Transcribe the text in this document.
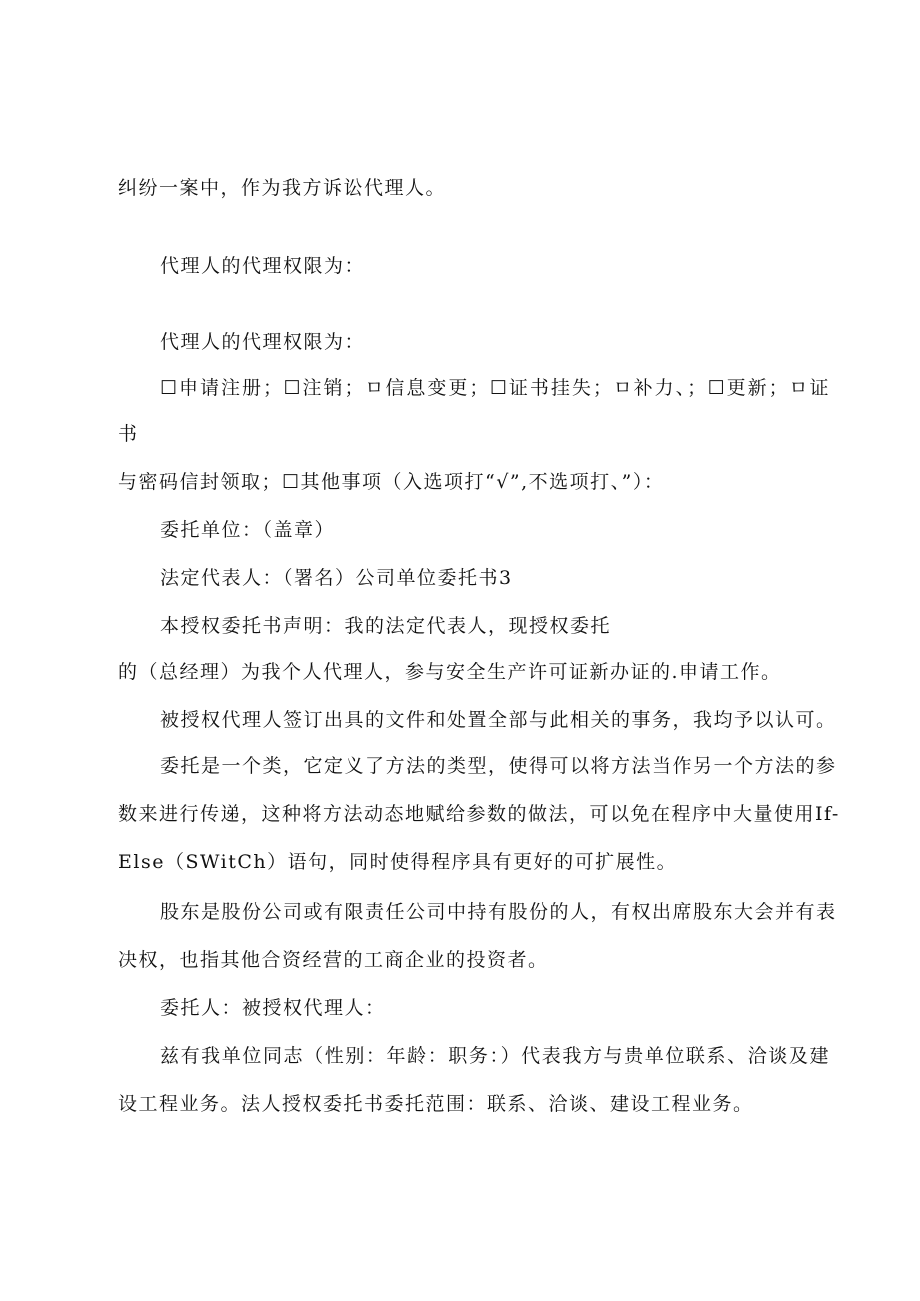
纠纷一案中，作为我方诉讼代理人。
代理人的代理权限为：
代理人的代理权限为：
☐申请注册；☐注销；ㅁ信息变更；☐证书挂失；ㅁ补力、；☐更新；ㅁ证
书
与密码信封领取；☐其他事项（入选项打“√”,不选项打、”）：
委托单位：（盖章）
法定代表人：（署名）公司单位委托书3
本授权委托书声明：我的法定代表人，现授权委托
的（总经理）为我个人代理人，参与安全生产许可证新办证的.申请工作。
被授权代理人签订出具的文件和处置全部与此相关的事务，我均予以认可。
委托是一个类，它定义了方法的类型，使得可以将方法当作另一个方法的参
数来进行传递，这种将方法动态地赋给参数的做法，可以免在程序中大量使用If-
Else（SWitCh）语句，同时使得程序具有更好的可扩展性。
股东是股份公司或有限责任公司中持有股份的人，有权出席股东大会并有表
决权，也指其他合资经营的工商企业的投资者。
委托人：被授权代理人：
兹有我单位同志（性别：年龄：职务：）代表我方与贵单位联系、洽谈及建
设工程业务。法人授权委托书委托范围：联系、洽谈、建设工程业务。
